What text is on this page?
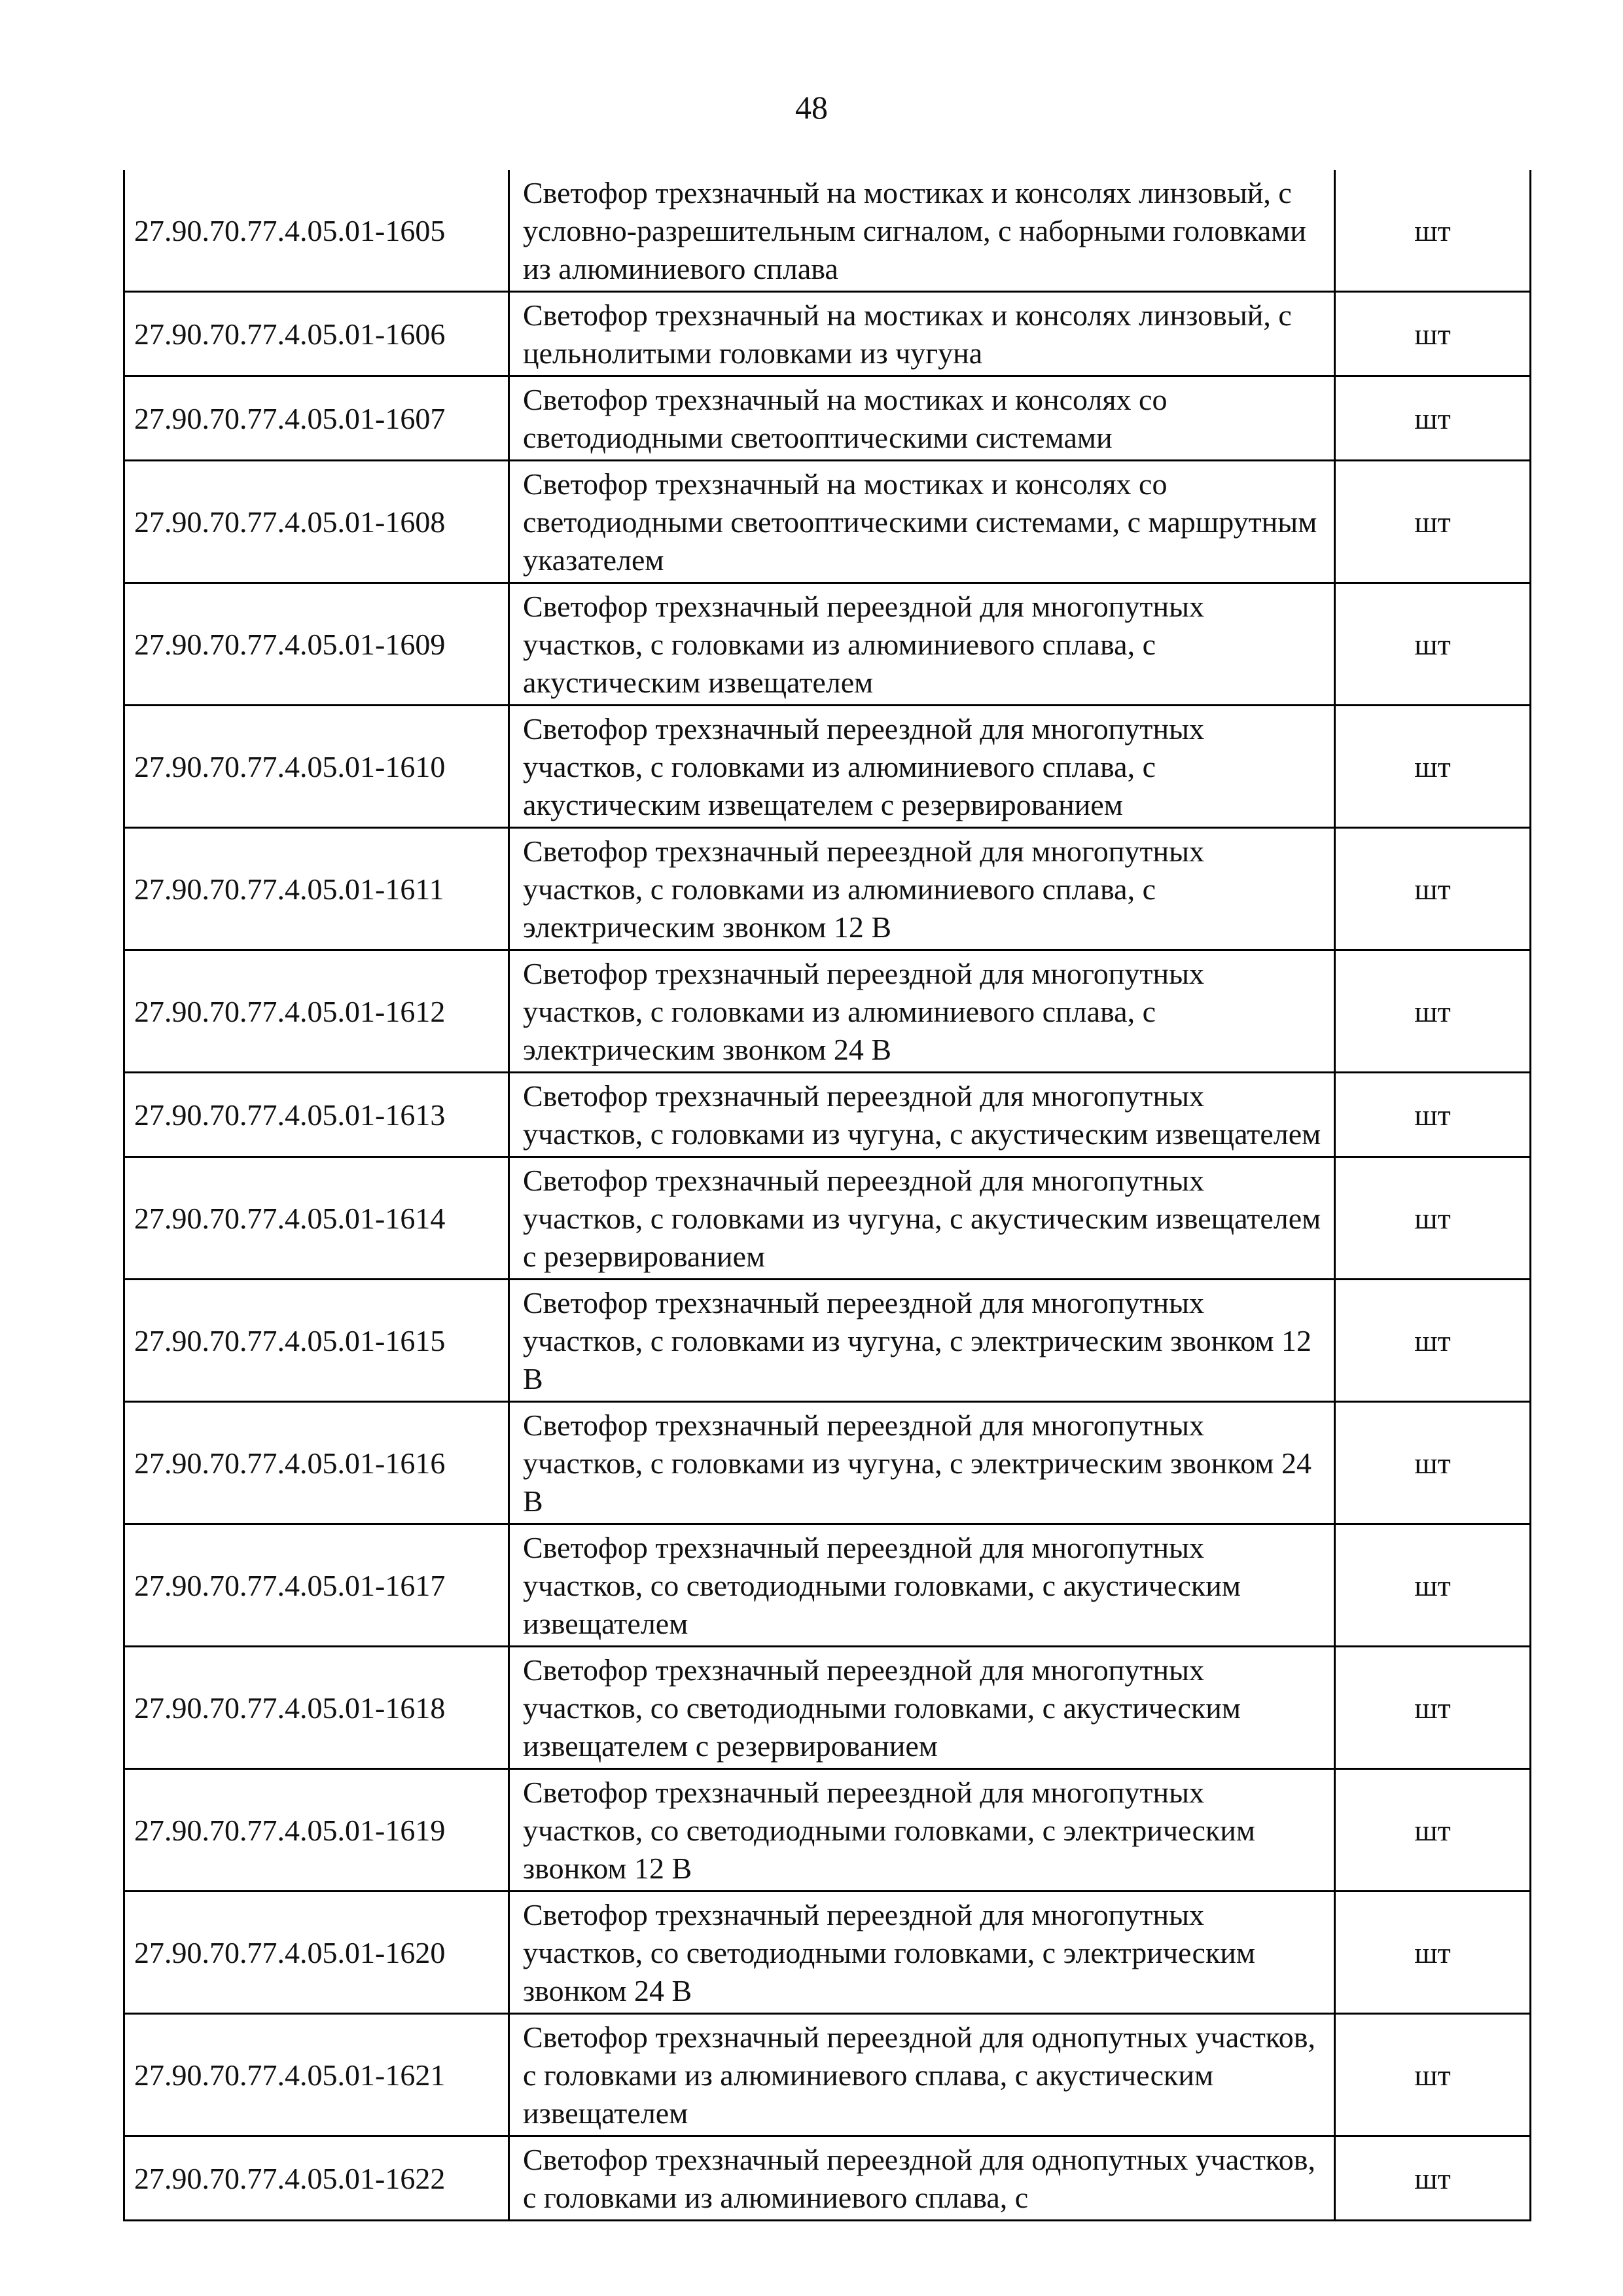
48
27.90.70.77.4.05.01-1605
Светофор трехзначный на мостиках и консолях линзовый, с условно-разрешительным сигналом, с наборными головками из алюминиевого сплава
шт
27.90.70.77.4.05.01-1606
Светофор трехзначный на мостиках и консолях линзовый, с цельнолитыми головками из чугуна
шт
27.90.70.77.4.05.01-1607
Светофор трехзначный на мостиках и консолях со светодиодными светооптическими системами
шт
27.90.70.77.4.05.01-1608
Светофор трехзначный на мостиках и консолях со светодиодными светооптическими системами, с маршрутным указателем
шт
27.90.70.77.4.05.01-1609
Светофор трехзначный переездной для многопутных участков, с головками из алюминиевого сплава, с акустическим извещателем
шт
27.90.70.77.4.05.01-1610
Светофор трехзначный переездной для многопутных участков, с головками из алюминиевого сплава, с акустическим извещателем с резервированием
шт
27.90.70.77.4.05.01-1611
Светофор трехзначный переездной для многопутных участков, с головками из алюминиевого сплава, с электрическим звонком 12 В
шт
27.90.70.77.4.05.01-1612
Светофор трехзначный переездной для многопутных участков, с головками из алюминиевого сплава, с электрическим звонком 24 В
шт
27.90.70.77.4.05.01-1613
Светофор трехзначный переездной для многопутных участков, с головками из чугуна, с акустическим извещателем
шт
27.90.70.77.4.05.01-1614
Светофор трехзначный переездной для многопутных участков, с головками из чугуна, с акустическим извещателем с резервированием
шт
27.90.70.77.4.05.01-1615
Светофор трехзначный переездной для многопутных участков, с головками из чугуна, с электрическим звонком 12 В
шт
27.90.70.77.4.05.01-1616
Светофор трехзначный переездной для многопутных участков, с головками из чугуна, с электрическим звонком 24 В
шт
27.90.70.77.4.05.01-1617
Светофор трехзначный переездной для многопутных участков, со светодиодными головками, с акустическим извещателем
шт
27.90.70.77.4.05.01-1618
Светофор трехзначный переездной для многопутных участков, со светодиодными головками, с акустическим извещателем с резервированием
шт
27.90.70.77.4.05.01-1619
Светофор трехзначный переездной для многопутных участков, со светодиодными головками, с электрическим звонком 12 В
шт
27.90.70.77.4.05.01-1620
Светофор трехзначный переездной для многопутных участков, со светодиодными головками, с электрическим звонком 24 В
шт
27.90.70.77.4.05.01-1621
Светофор трехзначный переездной для однопутных участков, с головками из алюминиевого сплава, с акустическим извещателем
шт
27.90.70.77.4.05.01-1622
Светофор трехзначный переездной для однопутных участков, с головками из алюминиевого сплава, с
шт
